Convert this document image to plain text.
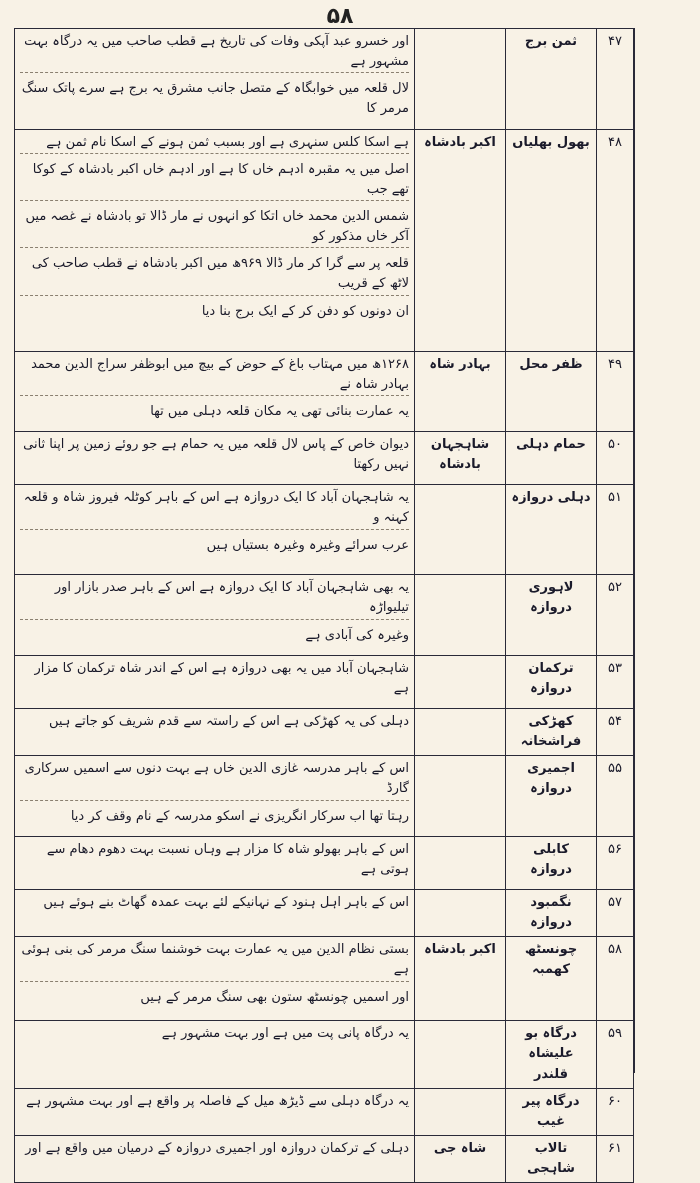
۵۸
۴۷	ثمن برج		اور خسرو عبد آپکی وفات کی تاریخ ہے قطب صاحب میں یہ درگاہ بہت مشہور ہے
لال قلعہ میں خوابگاہ کے متصل جانب مشرق یہ برج ہے سرے پاتک سنگ مرمر کا

۴۸	بھول بھلیاں	اکبر بادشاہ	ہے اسکا کلس سنہری ہے اور بسبب ثمن ہونے کے اسکا نام ثمن ہے
اصل میں یہ مقبرہ ادہم خاں کا ہے اور ادہم خاں اکبر بادشاہ کے کوکا تھے جب
شمس الدین محمد خاں اتکا کو انہوں نے مار ڈالا تو بادشاہ نے غصہ میں آکر خاں مذکور کو
قلعہ پر سے گرا کر مار ڈالا ۹۶۹ھ میں اکبر بادشاہ نے قطب صاحب کی لاٹھ کے قریب
ان دونوں کو دفن کر کے ایک برج بنا دیا

۴۹	ظفر محل	بہادر شاہ	۱۲۶۸ھ میں مہتاب باغ کے حوض کے بیچ میں ابوظفر سراج الدین محمد بہادر شاہ نے
یہ عمارت بنائی تھی یہ مکان قلعہ دہلی میں تھا

۵۰	حمام دہلی	شاہجہان بادشاہ	دیوان خاص کے پاس لال قلعہ میں یہ حمام ہے جو روئے زمین پر اپنا ثانی نہیں رکھتا

۵۱	دہلی دروازہ		یہ شاہجہان آباد کا ایک دروازہ ہے اس کے باہر کوٹلہ فیروز شاہ و قلعہ کہنہ و
عرب سرائے وغیرہ وغیرہ بستیاں ہیں

۵۲	لاہوری دروازہ		یہ بھی شاہجہان آباد کا ایک دروازہ ہے اس کے باہر صدر بازار اور تیلیواڑہ
وغیرہ کی آبادی ہے

۵۳	ترکمان دروازہ		شاہجہان آباد میں یہ بھی دروازہ ہے اس کے اندر شاہ ترکمان کا مزار ہے

۵۴	کھڑکی فراشخانہ		دہلی کی یہ کھڑکی ہے اس کے راستہ سے قدم شریف کو جاتے ہیں

۵۵	اجمیری دروازہ		اس کے باہر مدرسہ غازی الدین خاں ہے بہت دنوں سے اسمیں سرکاری گارڈ
رہتا تھا اب سرکار انگریزی نے اسکو مدرسہ کے نام وقف کر دیا

۵۶	کابلی دروازہ		اس کے باہر بھولو شاہ کا مزار ہے وہاں نسبت بہت دھوم دھام سے ہوتی ہے

۵۷	نگمبود دروازہ		اس کے باہر اہل ہنود کے نہانیکے لئے بہت عمدہ گھاٹ بنے ہوئے ہیں

۵۸	چونسٹھ کھمبہ	اکبر بادشاہ	بستی نظام الدین میں یہ عمارت بہت خوشنما سنگ مرمر کی بنی ہوئی ہے
اور اسمیں چونسٹھ ستون بھی سنگ مرمر کے ہیں

۵۹	درگاہ بو علیشاہ قلندر		یہ درگاہ پانی پت میں ہے اور بہت مشہور ہے

۶۰	درگاہ پیر غیب		یہ درگاہ دہلی سے ڈیڑھ میل کے فاصلہ پر واقع ہے اور بہت مشہور ہے

۶۱	تالاب شاہجی	شاہ جی	دہلی کے ترکمان دروازہ اور اجمیری دروازہ کے درمیان میں واقع ہے اور
